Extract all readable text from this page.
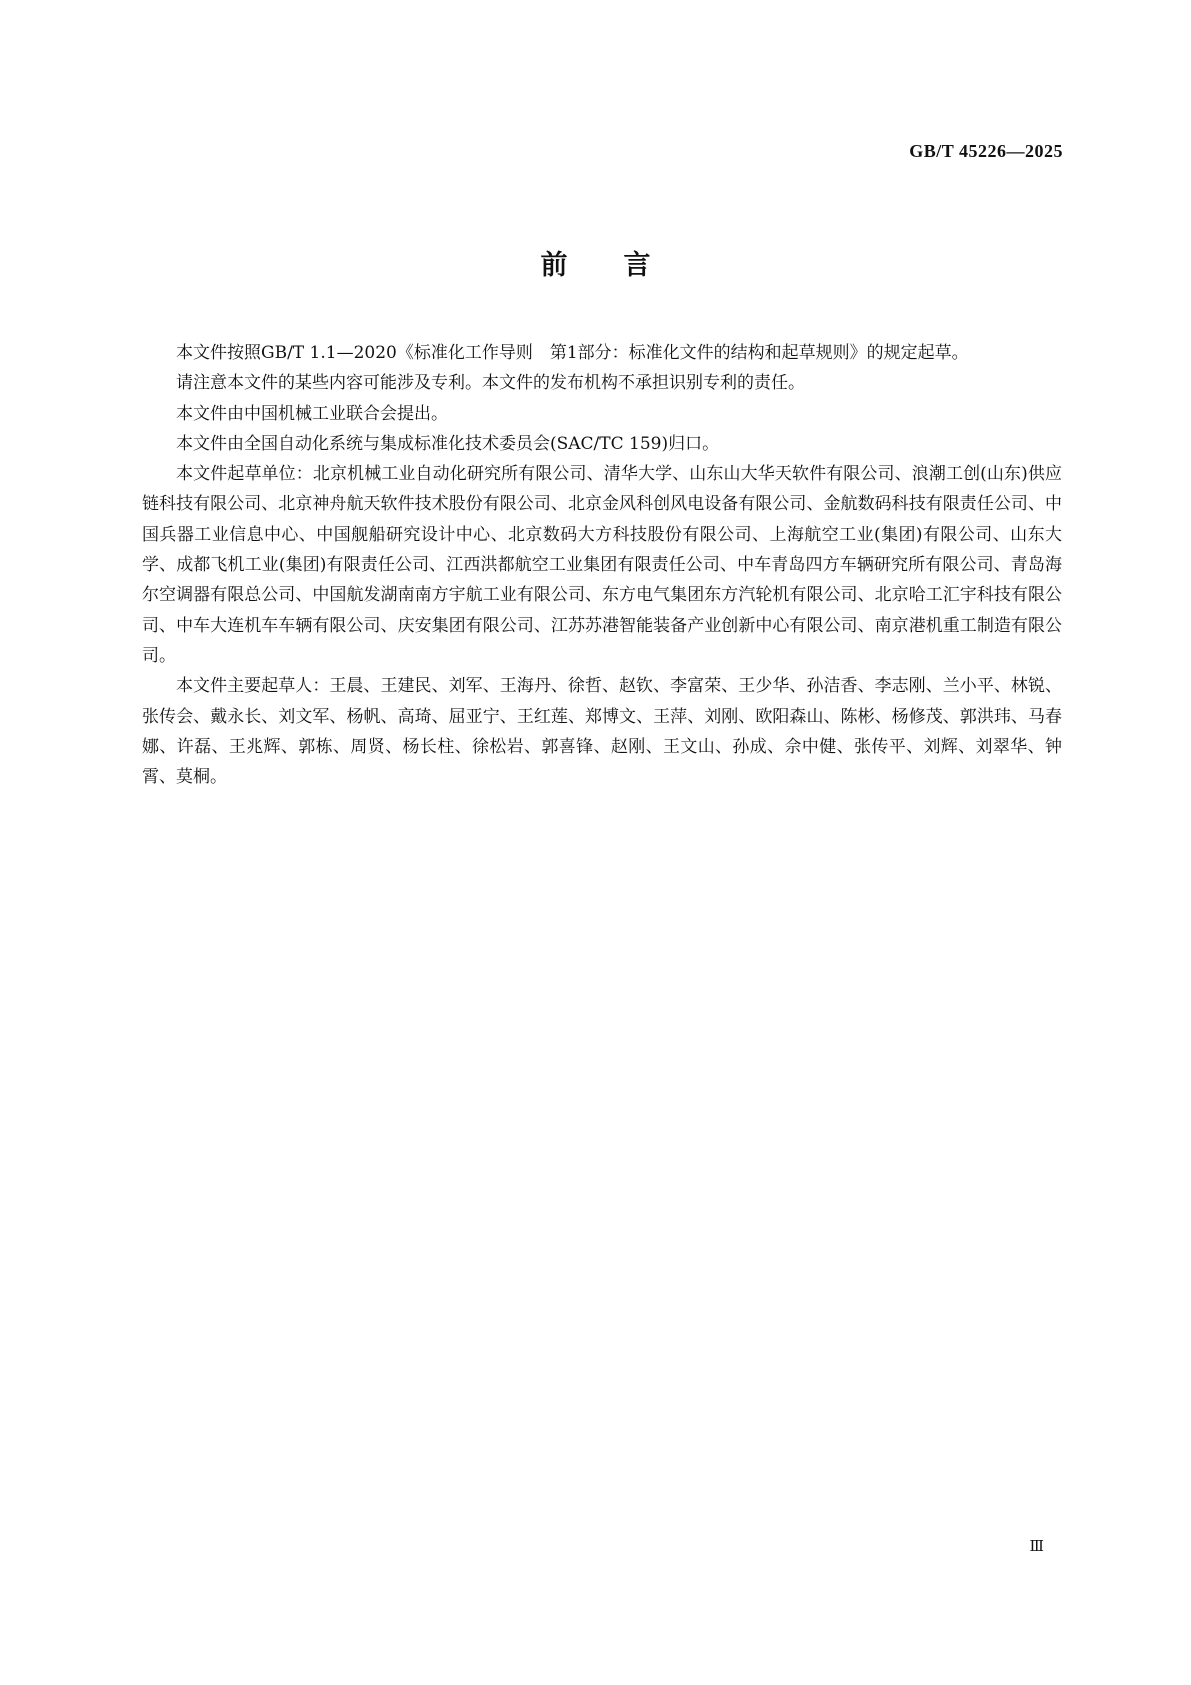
GB/T 45226—2025
前言

本文件按照GB/T 1.1—2020《标准化工作导则　第1部分：标准化文件的结构和起草规则》的规定起草。

请注意本文件的某些内容可能涉及专利。本文件的发布机构不承担识别专利的责任。

本文件由中国机械工业联合会提出。

本文件由全国自动化系统与集成标准化技术委员会(SAC/TC 159)归口。

本文件起草单位：北京机械工业自动化研究所有限公司、清华大学、山东山大华天软件有限公司、浪潮工创(山东)供应链科技有限公司、北京神舟航天软件技术股份有限公司、北京金风科创风电设备有限公司、金航数码科技有限责任公司、中国兵器工业信息中心、中国舰船研究设计中心、北京数码大方科技股份有限公司、上海航空工业(集团)有限公司、山东大学、成都飞机工业(集团)有限责任公司、江西洪都航空工业集团有限责任公司、中车青岛四方车辆研究所有限公司、青岛海尔空调器有限总公司、中国航发湖南南方宇航工业有限公司、东方电气集团东方汽轮机有限公司、北京哈工汇宇科技有限公司、中车大连机车车辆有限公司、庆安集团有限公司、江苏苏港智能装备产业创新中心有限公司、南京港机重工制造有限公司。

本文件主要起草人：王晨、王建民、刘军、王海丹、徐哲、赵钦、李富荣、王少华、孙洁香、李志刚、兰小平、林锐、张传会、戴永长、刘文军、杨帆、高琦、屈亚宁、王红莲、郑博文、王萍、刘刚、欧阳森山、陈彬、杨修茂、郭洪玮、马春娜、许磊、王兆辉、郭栋、周贤、杨长柱、徐松岩、郭喜锋、赵刚、王文山、孙成、佘中健、张传平、刘辉、刘翠华、钟霄、莫桐。

Ⅲ
